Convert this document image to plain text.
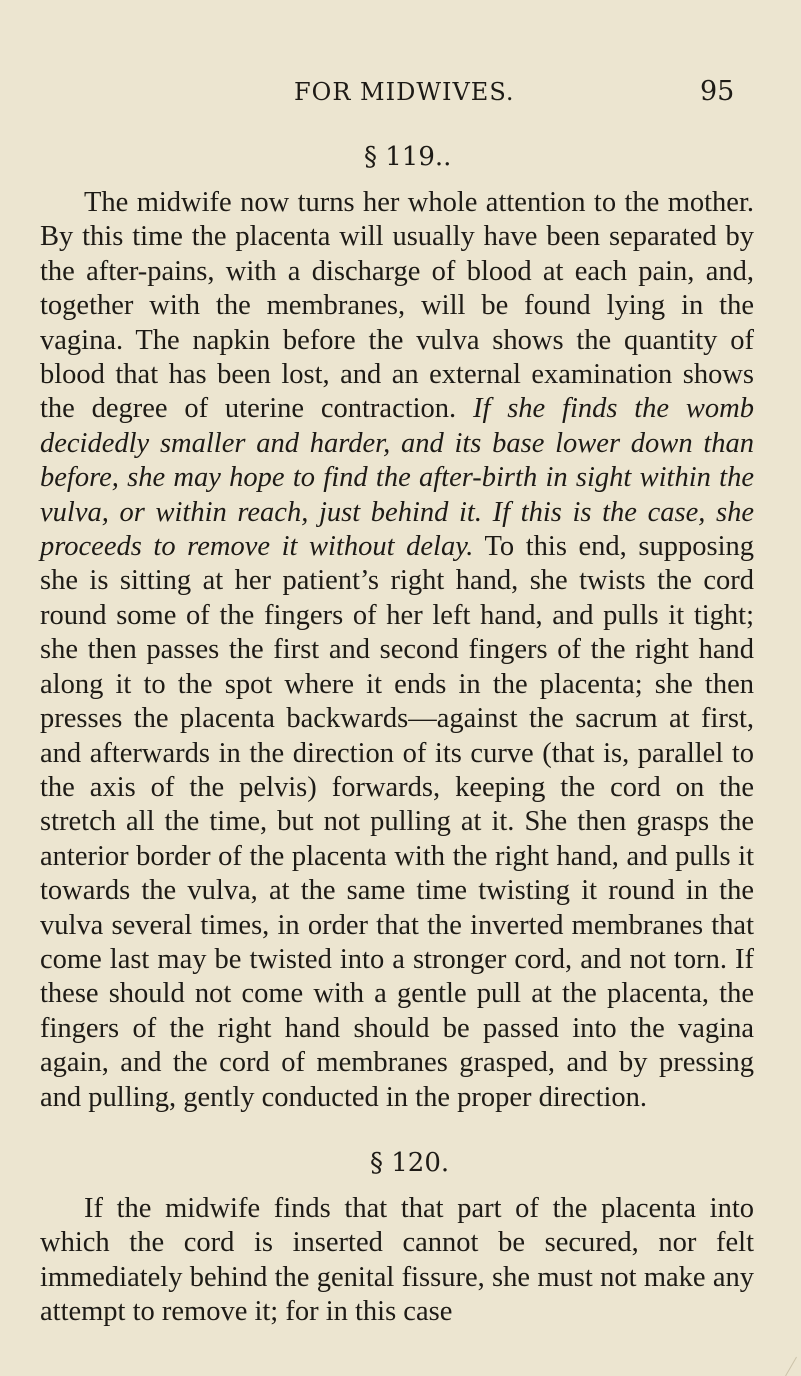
FOR MIDWIVES.	95
§ 119..

The midwife now turns her whole attention to the mother. By this time the placenta will usually have been separated by the after-pains, with a discharge of blood at each pain, and, together with the membranes, will be found lying in the vagina. The napkin before the vulva shows the quantity of blood that has been lost, and an external examination shows the degree of uterine contraction. If she finds the womb decidedly smaller and harder, and its base lower down than before, she may hope to find the after-birth in sight within the vulva, or within reach, just behind it. If this is the case, she proceeds to remove it without delay. To this end, supposing she is sitting at her patient’s right hand, she twists the cord round some of the fingers of her left hand, and pulls it tight; she then passes the first and second fingers of the right hand along it to the spot where it ends in the placenta; she then presses the placenta backwards—against the sacrum at first, and afterwards in the direction of its curve (that is, parallel to the axis of the pelvis) forwards, keeping the cord on the stretch all the time, but not pulling at it. She then grasps the anterior border of the placenta with the right hand, and pulls it towards the vulva, at the same time twisting it round in the vulva several times, in order that the inverted membranes that come last may be twisted into a stronger cord, and not torn. If these should not come with a gentle pull at the placenta, the fingers of the right hand should be passed into the vagina again, and the cord of membranes grasped, and by pressing and pulling, gently conducted in the proper direction.

§ 120.

If the midwife finds that that part of the placenta into which the cord is inserted cannot be secured, nor felt immediately behind the genital fissure, she must not make any attempt to remove it; for in this case
